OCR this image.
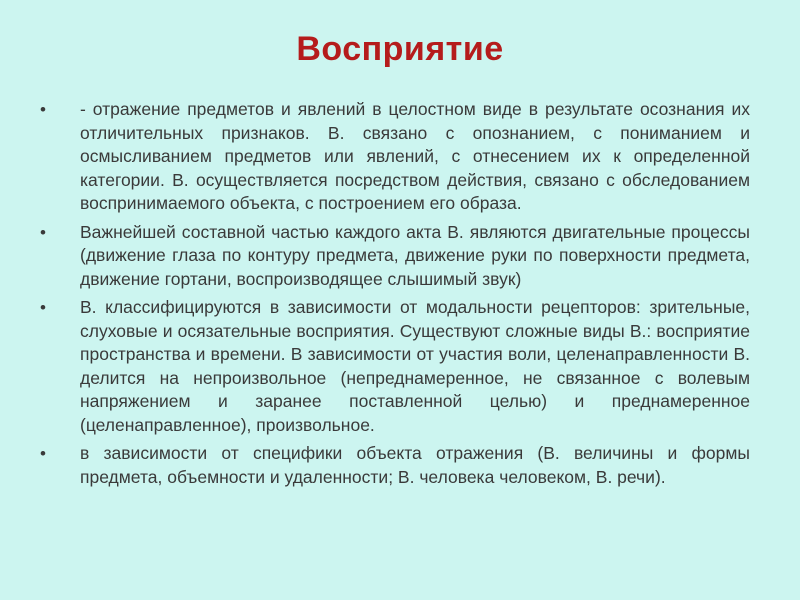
Восприятие
•	- отражение предметов и явлений в целостном виде в результате осознания их отличительных признаков. В. связано с опознанием, с пониманием и осмысливанием предметов или явлений, с отнесением их к определенной категории. В. осуществляется посредством действия, связано с обследованием воспринимаемого объекта, с построением его образа.
•	Важнейшей составной частью каждого акта В. являются двигательные процессы (движение глаза по контуру предмета, движение руки по поверхности предмета, движение гортани, воспроизводящее слышимый звук)
•	В. классифицируются в зависимости от модальности рецепторов: зрительные, слуховые и осязательные восприятия. Существуют сложные виды В.: восприятие пространства и времени. В зависимости от участия воли, целенаправленности В. делится на непроизвольное (непреднамеренное, не связанное с волевым напряжением и заранее поставленной целью) и преднамеренное (целенаправленное), произвольное.
•	в зависимости от специфики объекта отражения (В. величины и формы предмета, объемности и удаленности; В. человека человеком, В. речи).
